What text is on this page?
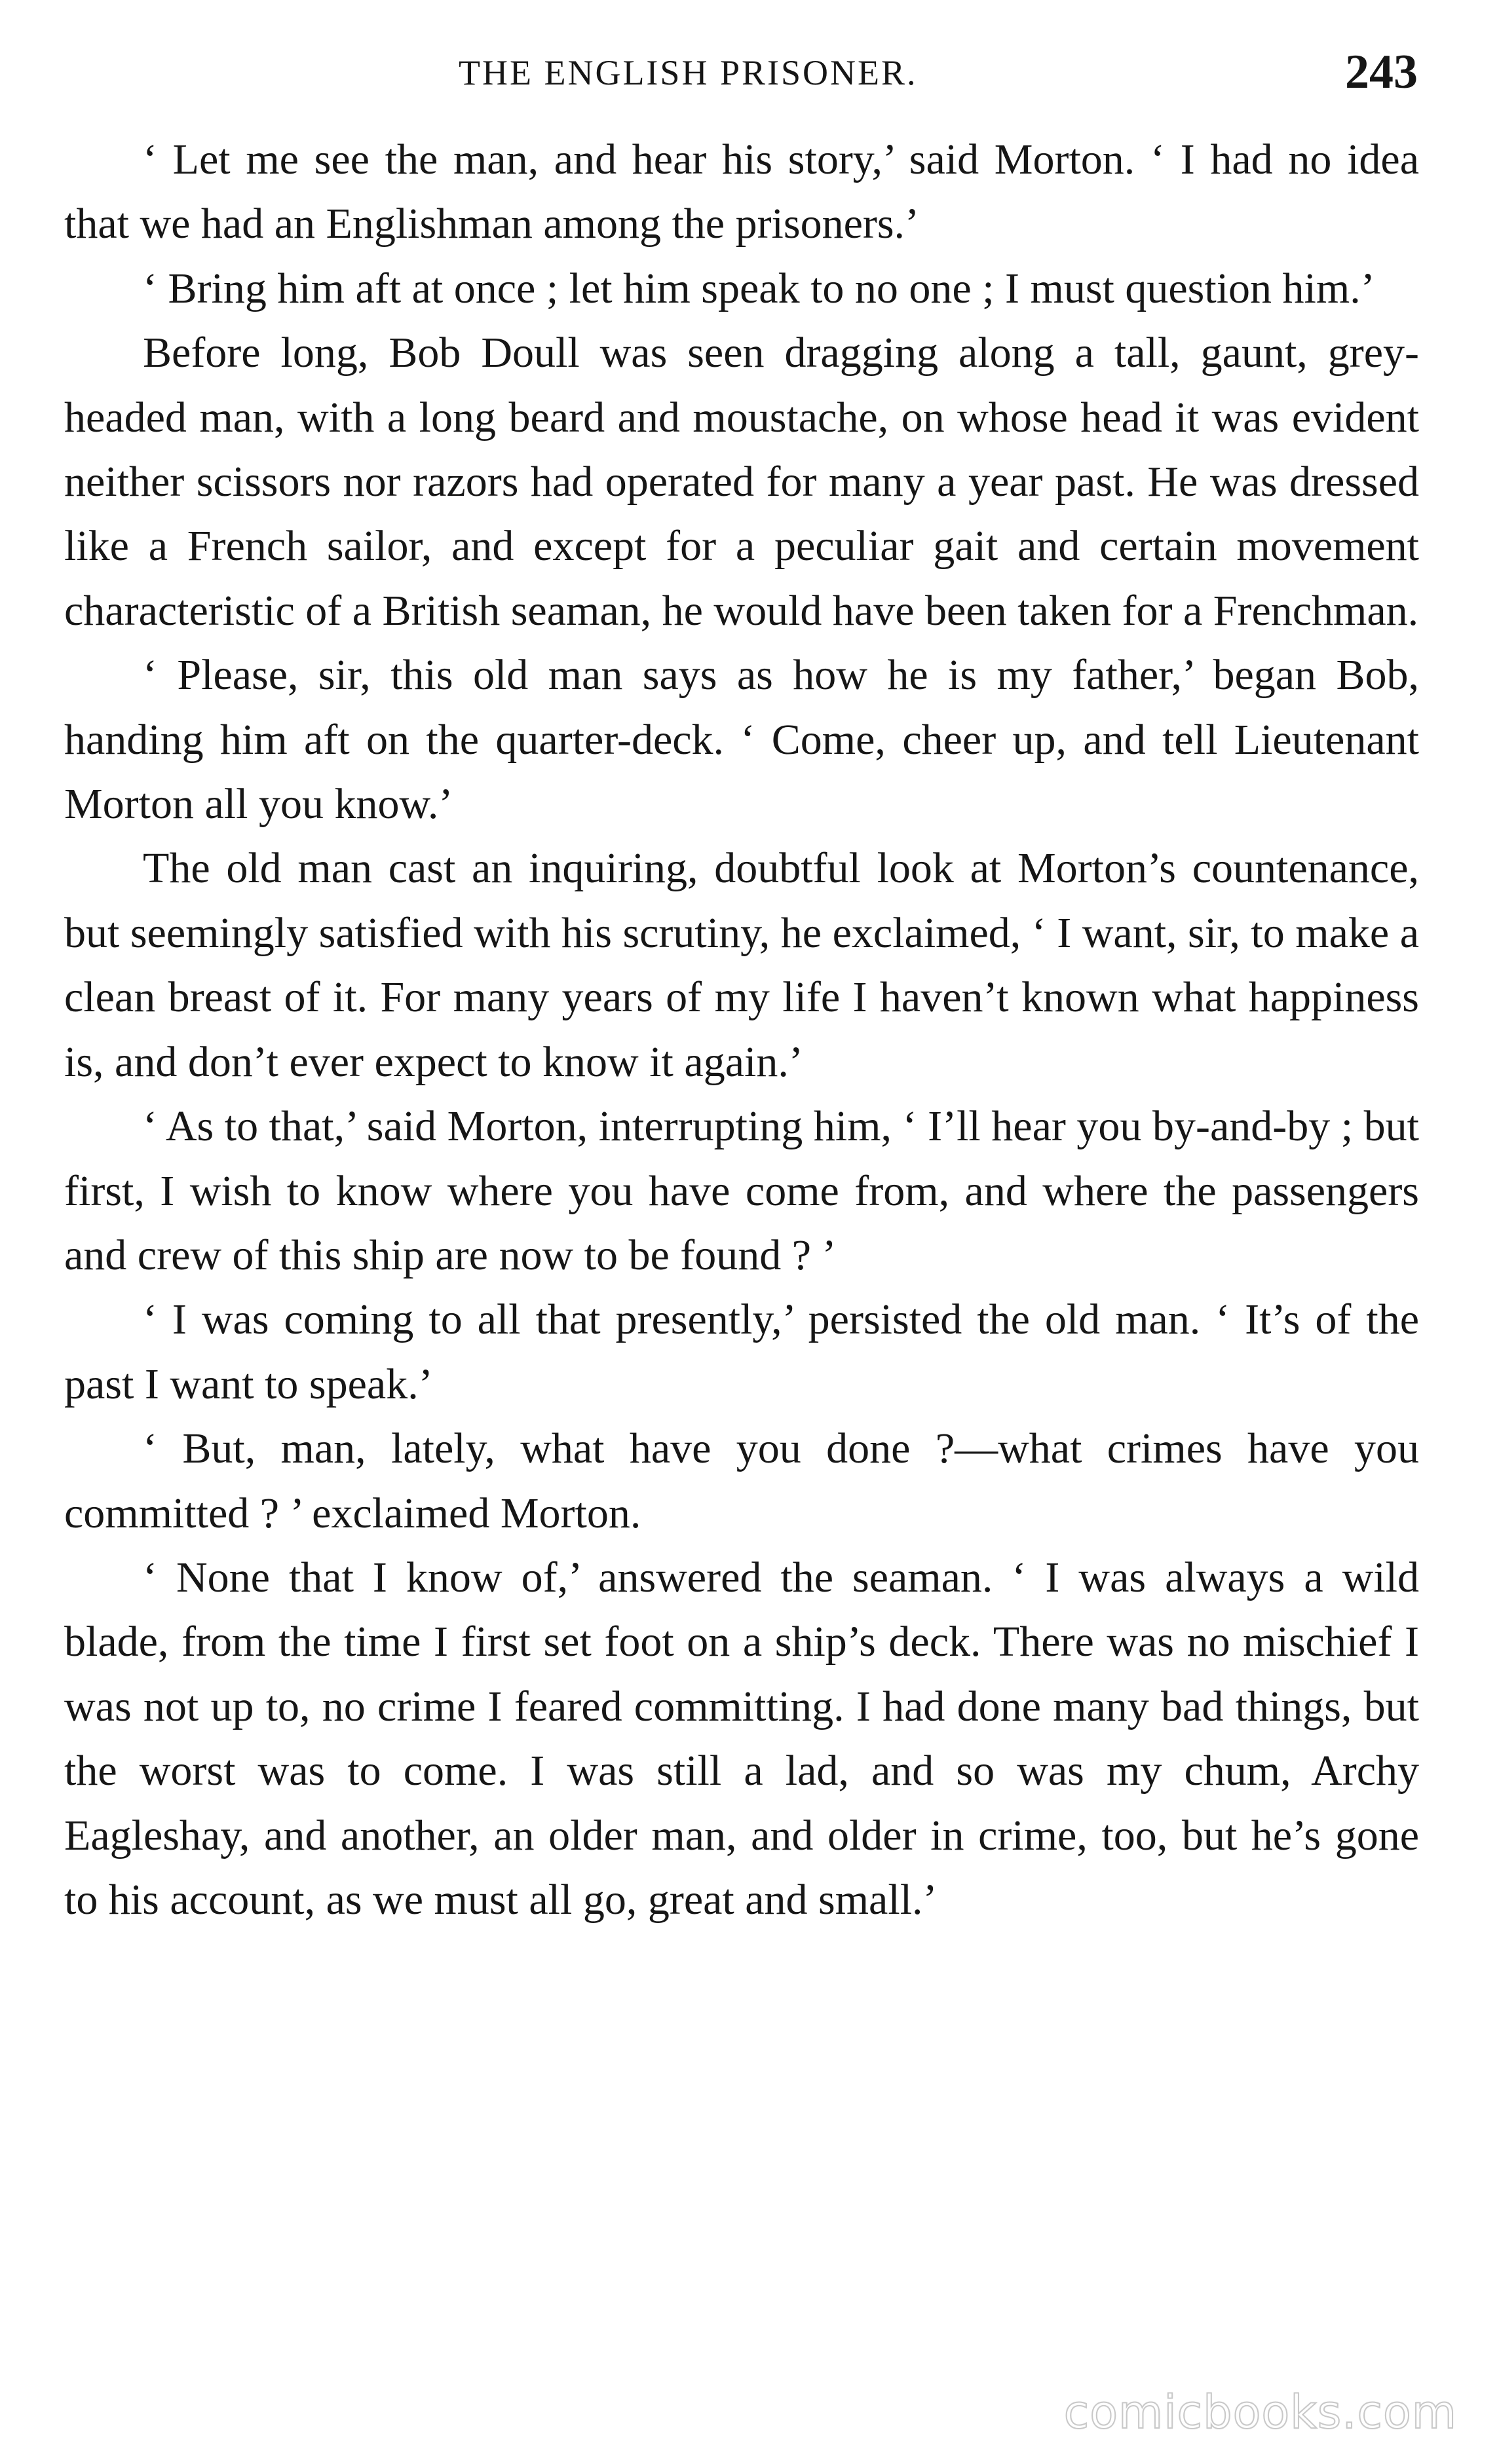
THE ENGLISH PRISONER.	243

‘ Let me see the man, and hear his story,’ said Morton. ‘ I had no idea that we had an Englishman among the prisoners.’

‘ Bring him aft at once ; let him speak to no one ; I must question him.’

Before long, Bob Doull was seen dragging along a tall, gaunt, grey-headed man, with a long beard and moustache, on whose head it was evident neither scissors nor razors had operated for many a year past. He was dressed like a French sailor, and except for a peculiar gait and certain movement characteristic of a British seaman, he would have been taken for a Frenchman.

‘ Please, sir, this old man says as how he is my father,’ began Bob, handing him aft on the quarter-deck. ‘ Come, cheer up, and tell Lieutenant Morton all you know.’

The old man cast an inquiring, doubtful look at Morton’s countenance, but seemingly satisfied with his scrutiny, he exclaimed, ‘ I want, sir, to make a clean breast of it. For many years of my life I haven’t known what happiness is, and don’t ever expect to know it again.’

‘ As to that,’ said Morton, interrupting him, ‘ I’ll hear you by-and-by ; but first, I wish to know where you have come from, and where the passengers and crew of this ship are now to be found ? ’

‘ I was coming to all that presently,’ persisted the old man. ‘ It’s of the past I want to speak.’

‘ But, man, lately, what have you done ?—what crimes have you committed ? ’ exclaimed Morton.

‘ None that I know of,’ answered the seaman. ‘ I was always a wild blade, from the time I first set foot on a ship’s deck. There was no mischief I was not up to, no crime I feared committing. I had done many bad things, but the worst was to come. I was still a lad, and so was my chum, Archy Eagleshay, and another, an older man, and older in crime, too, but he’s gone to his account, as we must all go, great and small.’

comicbooks.com
